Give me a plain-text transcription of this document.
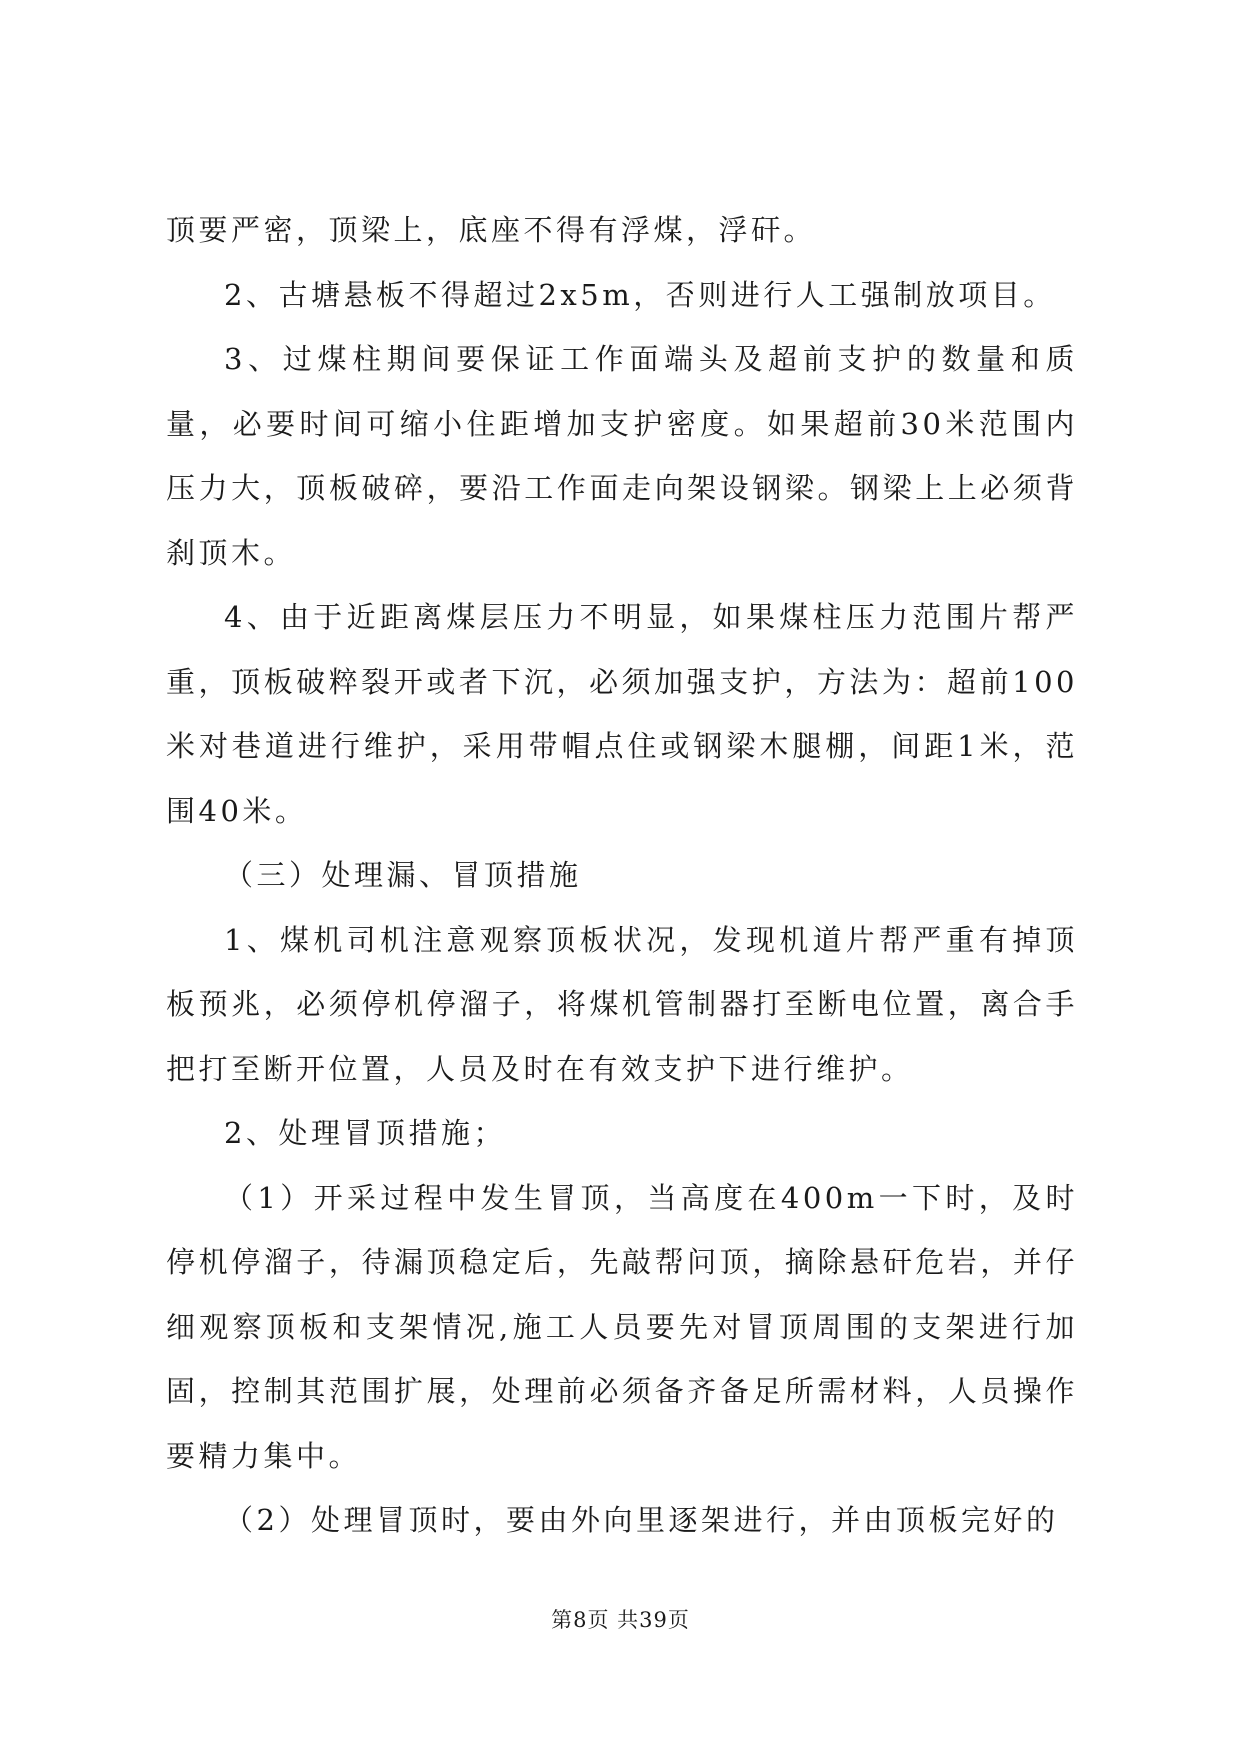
顶要严密，顶梁上，底座不得有浮煤，浮矸。

2、古塘悬板不得超过2x5m，否则进行人工强制放项目。

3、过煤柱期间要保证工作面端头及超前支护的数量和质量，必要时间可缩小住距增加支护密度。如果超前30米范围内压力大，顶板破碎，要沿工作面走向架设钢梁。钢梁上上必须背刹顶木。

4、由于近距离煤层压力不明显，如果煤柱压力范围片帮严重，顶板破粹裂开或者下沉，必须加强支护，方法为：超前100米对巷道进行维护，采用带帽点住或钢梁木腿棚，间距1米，范围40米。

（三）处理漏、冒顶措施

1、煤机司机注意观察顶板状况，发现机道片帮严重有掉顶板预兆，必须停机停溜子，将煤机管制器打至断电位置，离合手把打至断开位置，人员及时在有效支护下进行维护。

2、处理冒顶措施；

（1）开采过程中发生冒顶，当高度在400m一下时，及时停机停溜子，待漏顶稳定后，先敲帮问顶，摘除悬矸危岩，并仔细观察顶板和支架情况,施工人员要先对冒顶周围的支架进行加固，控制其范围扩展，处理前必须备齐备足所需材料，人员操作要精力集中。

（2）处理冒顶时，要由外向里逐架进行，并由顶板完好的

第8页 共39页
